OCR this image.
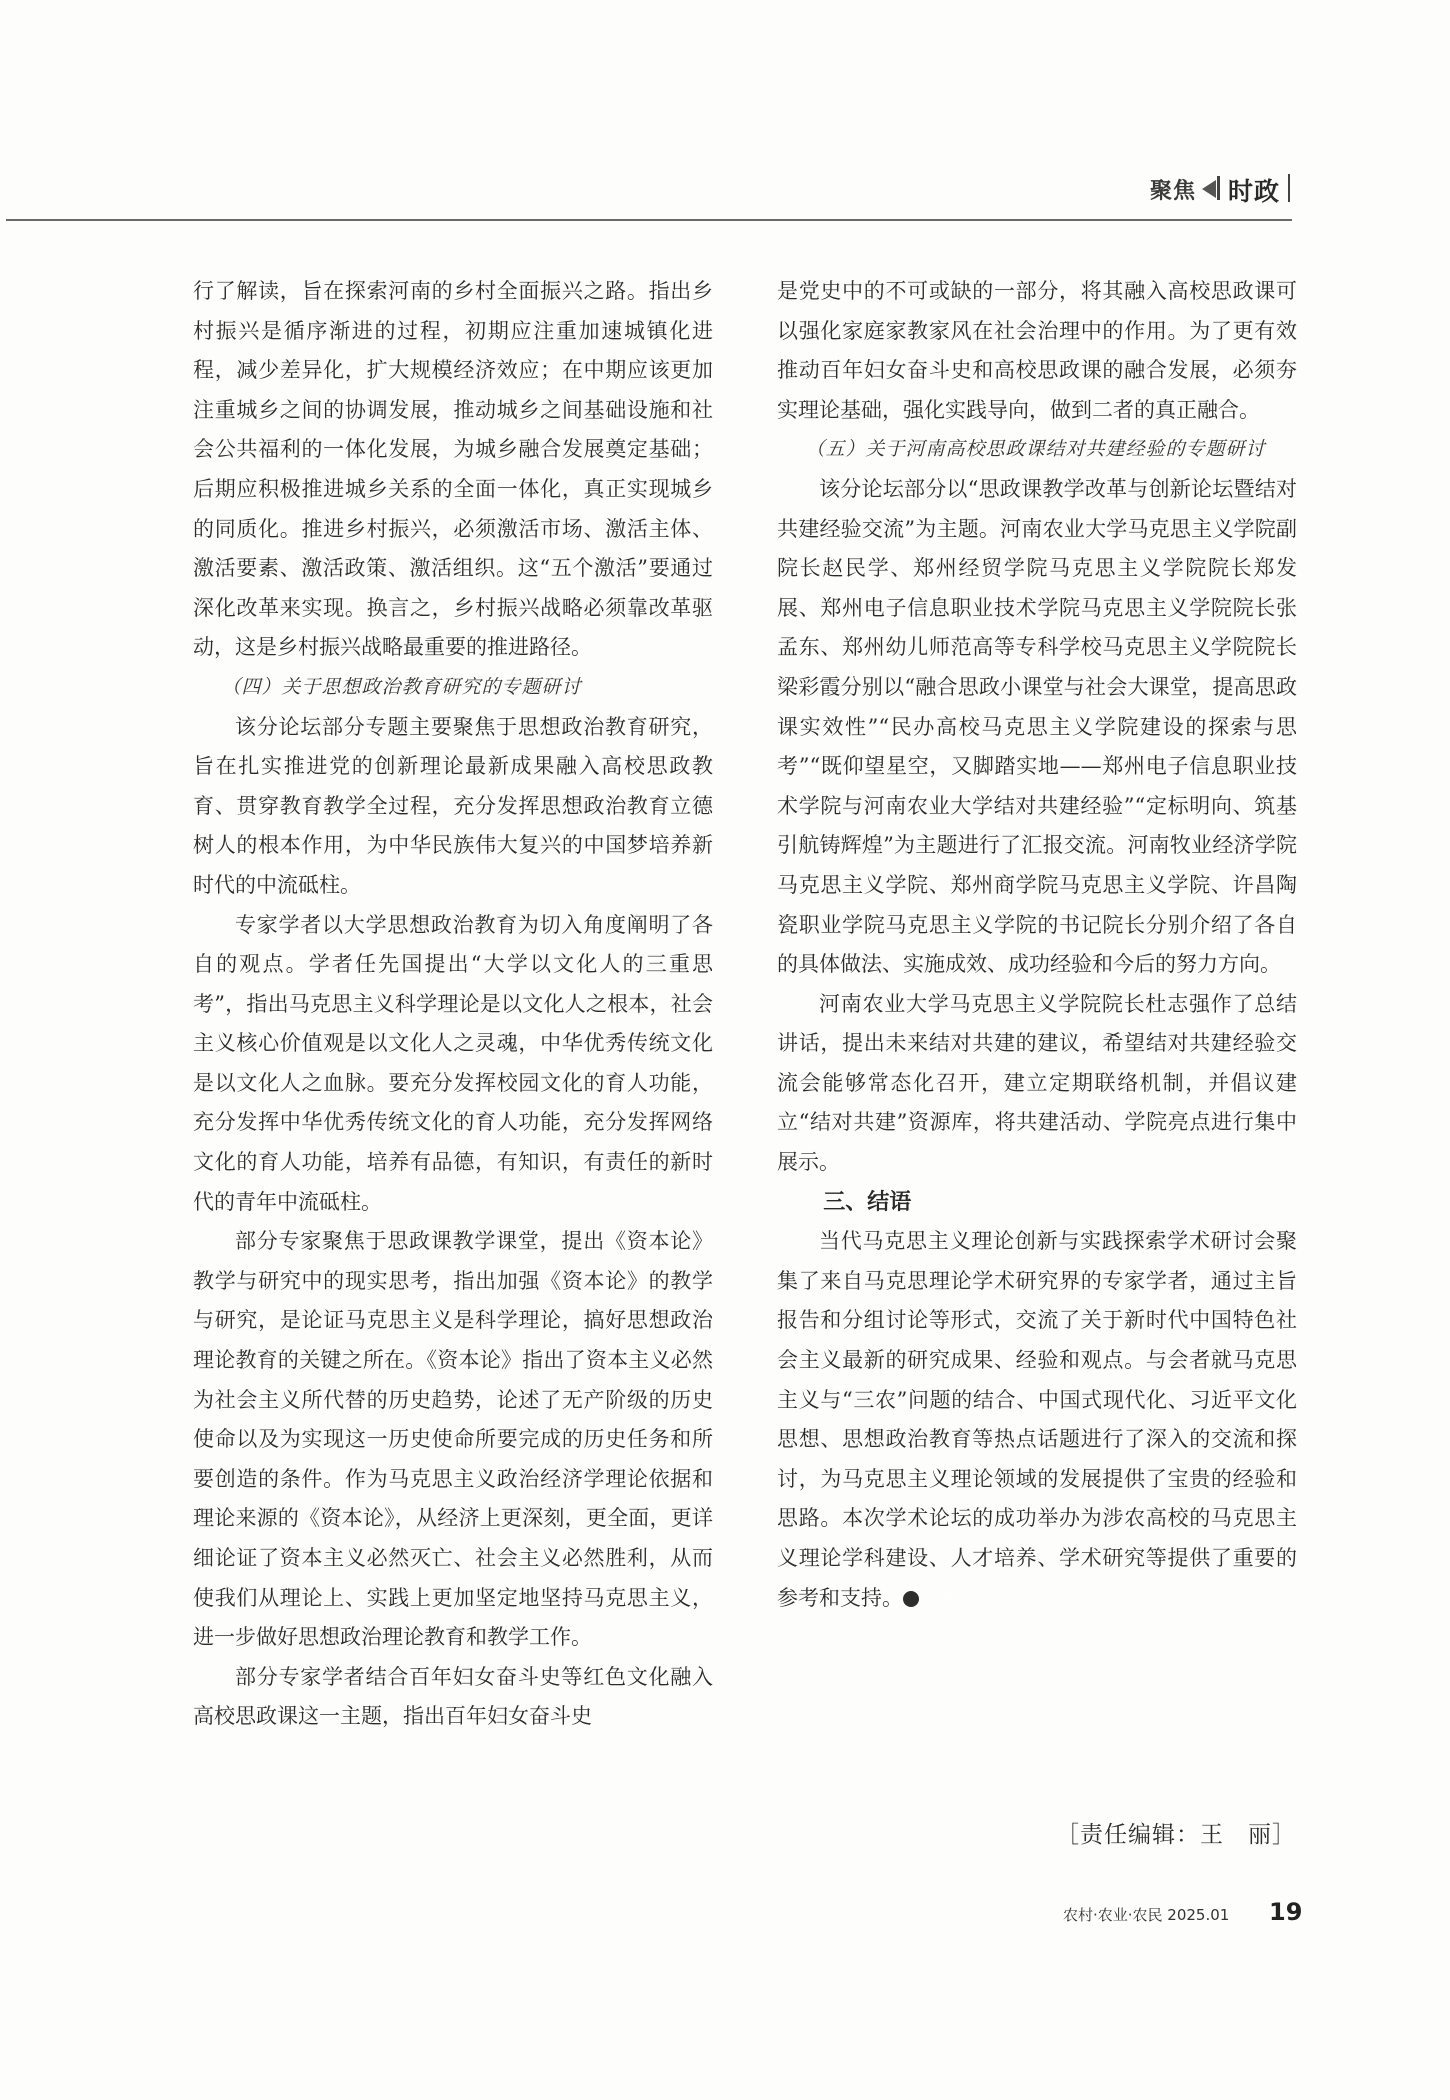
聚焦 时政

行了解读，旨在探索河南的乡村全面振兴之路。指出乡村振兴是循序渐进的过程，初期应注重加速城镇化进程，减少差异化，扩大规模经济效应；在中期应该更加注重城乡之间的协调发展，推动城乡之间基础设施和社会公共福利的一体化发展，为城乡融合发展奠定基础；后期应积极推进城乡关系的全面一体化，真正实现城乡的同质化。推进乡村振兴，必须激活市场、激活主体、激活要素、激活政策、激活组织。这“五个激活”要通过深化改革来实现。换言之，乡村振兴战略必须靠改革驱动，这是乡村振兴战略最重要的推进路径。

（四）关于思想政治教育研究的专题研讨

该分论坛部分专题主要聚焦于思想政治教育研究，旨在扎实推进党的创新理论最新成果融入高校思政教育、贯穿教育教学全过程，充分发挥思想政治教育立德树人的根本作用，为中华民族伟大复兴的中国梦培养新时代的中流砥柱。

专家学者以大学思想政治教育为切入角度阐明了各自的观点。学者任先国提出“大学以文化人的三重思考”，指出马克思主义科学理论是以文化人之根本，社会主义核心价值观是以文化人之灵魂，中华优秀传统文化是以文化人之血脉。要充分发挥校园文化的育人功能，充分发挥中华优秀传统文化的育人功能，充分发挥网络文化的育人功能，培养有品德，有知识，有责任的新时代的青年中流砥柱。

部分专家聚焦于思政课教学课堂，提出《资本论》教学与研究中的现实思考，指出加强《资本论》的教学与研究，是论证马克思主义是科学理论，搞好思想政治理论教育的关键之所在。《资本论》指出了资本主义必然为社会主义所代替的历史趋势，论述了无产阶级的历史使命以及为实现这一历史使命所要完成的历史任务和所要创造的条件。作为马克思主义政治经济学理论依据和理论来源的《资本论》，从经济上更深刻，更全面，更详细论证了资本主义必然灭亡、社会主义必然胜利，从而使我们从理论上、实践上更加坚定地坚持马克思主义，进一步做好思想政治理论教育和教学工作。

部分专家学者结合百年妇女奋斗史等红色文化融入高校思政课这一主题，指出百年妇女奋斗史

是党史中的不可或缺的一部分，将其融入高校思政课可以强化家庭家教家风在社会治理中的作用。为了更有效推动百年妇女奋斗史和高校思政课的融合发展，必须夯实理论基础，强化实践导向，做到二者的真正融合。

（五）关于河南高校思政课结对共建经验的专题研讨

该分论坛部分以“思政课教学改革与创新论坛暨结对共建经验交流”为主题。河南农业大学马克思主义学院副院长赵民学、郑州经贸学院马克思主义学院院长郑发展、郑州电子信息职业技术学院马克思主义学院院长张孟东、郑州幼儿师范高等专科学校马克思主义学院院长梁彩霞分别以“融合思政小课堂与社会大课堂，提高思政课实效性”“民办高校马克思主义学院建设的探索与思考”“既仰望星空，又脚踏实地——郑州电子信息职业技术学院与河南农业大学结对共建经验”“定标明向、筑基引航铸辉煌”为主题进行了汇报交流。河南牧业经济学院马克思主义学院、郑州商学院马克思主义学院、许昌陶瓷职业学院马克思主义学院的书记院长分别介绍了各自的具体做法、实施成效、成功经验和今后的努力方向。

河南农业大学马克思主义学院院长杜志强作了总结讲话，提出未来结对共建的建议，希望结对共建经验交流会能够常态化召开，建立定期联络机制，并倡议建立“结对共建”资源库，将共建活动、学院亮点进行集中展示。

三、结语

当代马克思主义理论创新与实践探索学术研讨会聚集了来自马克思理论学术研究界的专家学者，通过主旨报告和分组讨论等形式，交流了关于新时代中国特色社会主义最新的研究成果、经验和观点。与会者就马克思主义与“三农”问题的结合、中国式现代化、习近平文化思想、思想政治教育等热点话题进行了深入的交流和探讨，为马克思主义理论领域的发展提供了宝贵的经验和思路。本次学术论坛的成功举办为涉农高校的马克思主义理论学科建设、人才培养、学术研究等提供了重要的参考和支持。	农

［责任编辑：王　丽］
农村·农业·农民 2025.01 19
